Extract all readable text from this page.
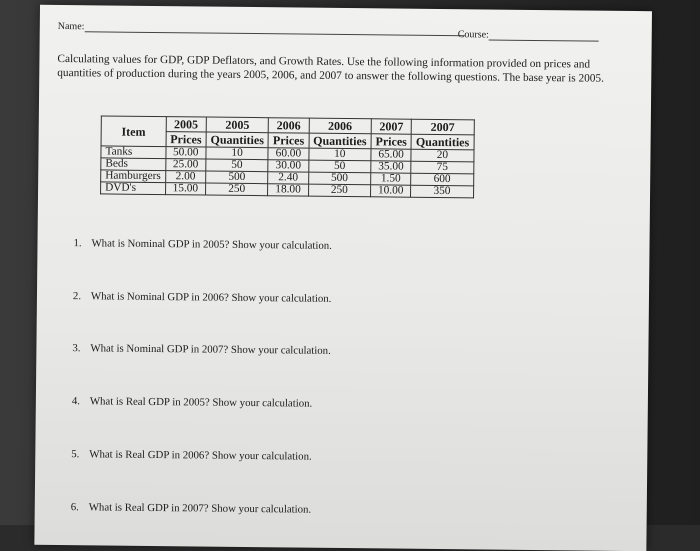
Name:
Course:
Calculating values for GDP, GDP Deflators, and Growth Rates. Use the following information provided on prices and quantities of production during the years 2005, 2006, and 2007 to answer the following questions. The base year is 2005.
Item	2005	2005	2006	2006	2007	2007
	Prices	Quantities	Prices	Quantities	Prices	Quantities
Tanks	50.00	10	60.00	10	65.00	20
Beds	25.00	50	30.00	50	35.00	75
Hamburgers	2.00	500	2.40	500	1.50	600
DVD's	15.00	250	18.00	250	10.00	350
1. What is Nominal GDP in 2005? Show your calculation.
2. What is Nominal GDP in 2006? Show your calculation.
3. What is Nominal GDP in 2007? Show your calculation.
4. What is Real GDP in 2005? Show your calculation.
5. What is Real GDP in 2006? Show your calculation.
6. What is Real GDP in 2007? Show your calculation.
